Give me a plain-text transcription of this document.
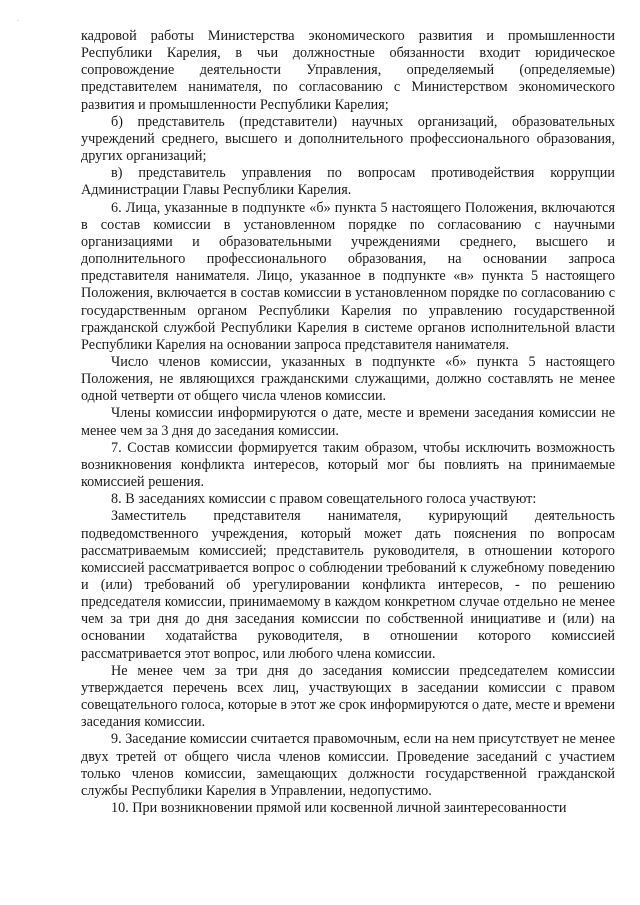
·

кадровой работы Министерства экономического развития и промышленности Республики Карелия, в чьи должностные обязанности входит юридическое сопровождение деятельности Управления, определяемый (определяемые) представителем нанимателя, по согласованию с Министерством экономического развития и промышленности Республики Карелия;

б) представитель (представители) научных организаций, образовательных учреждений среднего, высшего и дополнительного профессионального образования, других организаций;

в) представитель управления по вопросам противодействия коррупции Администрации Главы Республики Карелия.

6. Лица, указанные в подпункте «б» пункта 5 настоящего Положения, включаются в состав комиссии в установленном порядке по согласованию с научными организациями и образовательными учреждениями среднего, высшего и дополнительного профессионального образования, на основании запроса представителя нанимателя. Лицо, указанное в подпункте «в» пункта 5 настоящего Положения, включается в состав комиссии в установленном порядке по согласованию с государственным органом Республики Карелия по управлению государственной гражданской службой Республики Карелия в системе органов исполнительной власти Республики Карелия на основании запроса представителя нанимателя.

Число членов комиссии, указанных в подпункте «б» пункта 5 настоящего Положения, не являющихся гражданскими служащими, должно составлять не менее одной четверти от общего числа членов комиссии.

Члены комиссии информируются о дате, месте и времени заседания комиссии не менее чем за 3 дня до заседания комиссии.

7. Состав комиссии формируется таким образом, чтобы исключить возможность возникновения конфликта интересов, который мог бы повлиять на принимаемые комиссией решения.

8. В заседаниях комиссии с правом совещательного голоса участвуют:

Заместитель представителя нанимателя, курирующий деятельность подведомственного учреждения, который может дать пояснения по вопросам рассматриваемым комиссией; представитель руководителя, в отношении которого комиссией рассматривается вопрос о соблюдении требований к служебному поведению и (или) требований об урегулировании конфликта интересов, - по решению председателя комиссии, принимаемому в каждом конкретном случае отдельно не менее чем за три дня до дня заседания комиссии по собственной инициативе и (или) на основании ходатайства руководителя, в отношении которого комиссией рассматривается этот вопрос, или любого члена комиссии.

Не менее чем за три дня до заседания комиссии председателем комиссии утверждается перечень всех лиц, участвующих в заседании комиссии с правом совещательного голоса, которые в этот же срок информируются о дате, месте и времени заседания комиссии.

9. Заседание комиссии считается правомочным, если на нем присутствует не менее двух третей от общего числа членов комиссии. Проведение заседаний с участием только членов комиссии, замещающих должности государственной гражданской службы Республики Карелия в Управлении, недопустимо.

10. При возникновении прямой или косвенной личной заинтересованности
